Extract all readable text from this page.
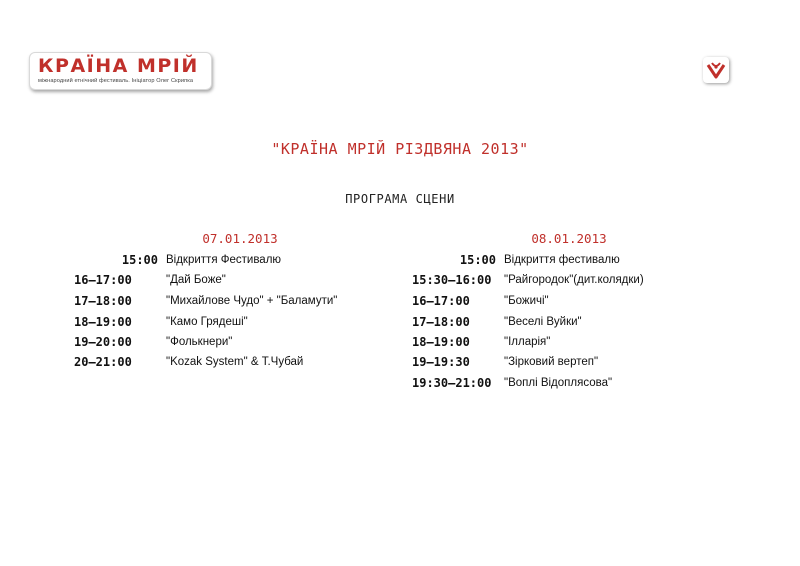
КРАЇНА МРІЙ
міжнародний етнічний фестиваль. Ініціатор Олег Скрипка
"КРАЇНА МРІЙ РІЗДВЯНА 2013"
ПРОГРАМА СЦЕНИ
07.01.2013	08.01.2013
15:00 Відкриття Фестивалю
16–17:00	"Дай Боже"
17–18:00	"Михайлове Чудо" + "Баламути"
18–19:00	"Камо Грядеші"
19–20:00	"Фолькнери"
20–21:00	"Kozak System" & Т.Чубай
15:00 Відкриття фестивалю
15:30–16:00	"Райгородок"(дит.колядки)
16–17:00	"Божичі"
17–18:00	"Веселі Вуйки"
18–19:00	"Ілларія"
19–19:30	"Зірковий вертеп"
19:30–21:00	"Воплі Відоплясова"
